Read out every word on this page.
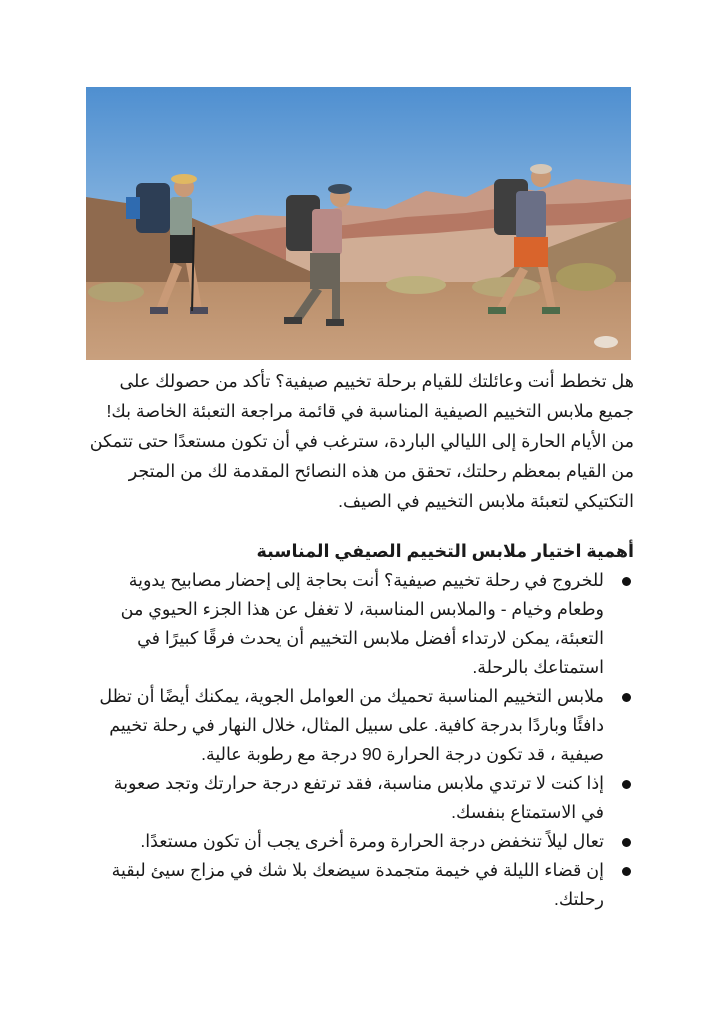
هل تخطط أنت وعائلتك للقيام برحلة تخييم صيفية؟ تأكد من حصولك على جميع ملابس التخييم الصيفية المناسبة في قائمة مراجعة التعبئة الخاصة بك! من الأيام الحارة إلى الليالي الباردة، سترغب في أن تكون مستعدًا حتى تتمكن من القيام بمعظم رحلتك، تحقق من هذه النصائح المقدمة لك من المتجر التكتيكي لتعبئة ملابس التخييم في الصيف.

أهمية اختيار ملابس التخييم الصيفي المناسبة
للخروج في رحلة تخييم صيفية؟ أنت بحاجة إلى إحضار مصابيح يدوية وطعام وخيام - والملابس المناسبة، لا تغفل عن هذا الجزء الحيوي من التعبئة، يمكن لارتداء أفضل ملابس التخييم أن يحدث فرقًا كبيرًا في استمتاعك بالرحلة.
ملابس التخييم المناسبة تحميك من العوامل الجوية، يمكنك أيضًا أن تظل دافئًا وباردًا بدرجة كافية. على سبيل المثال، خلال النهار في رحلة تخييم صيفية ، قد تكون درجة الحرارة 90 درجة مع رطوبة عالية.
إذا كنت لا ترتدي ملابس مناسبة، فقد ترتفع درجة حرارتك وتجد صعوبة في الاستمتاع بنفسك.
تعال ليلاً تنخفض درجة الحرارة ومرة أخرى يجب أن تكون مستعدًا.
إن قضاء الليلة في خيمة متجمدة سيضعك بلا شك في مزاج سيئ لبقية رحلتك.
